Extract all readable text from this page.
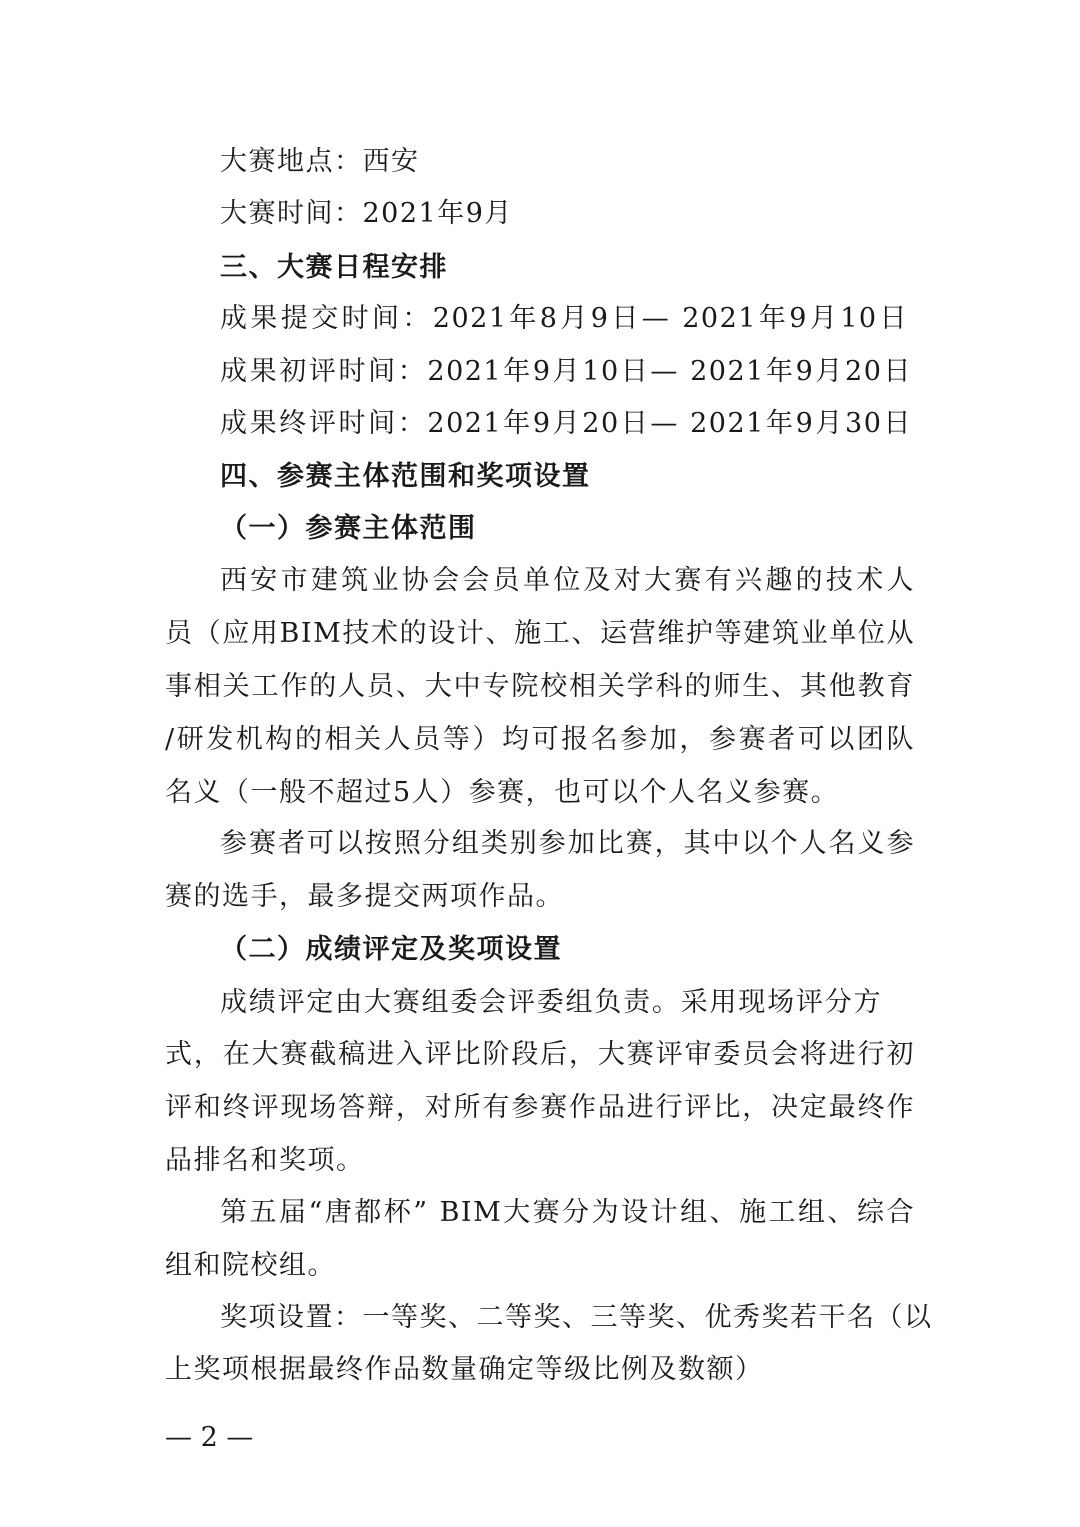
大赛地点：西安
大赛时间：2021年9月
三、大赛日程安排
成果提交时间：2021年8月9日— 2021年9月10日
成果初评时间：2021年9月10日— 2021年9月20日
成果终评时间：2021年9月20日— 2021年9月30日
四、参赛主体范围和奖项设置
（一）参赛主体范围
西安市建筑业协会会员单位及对大赛有兴趣的技术人
员（应用BIM技术的设计、施工、运营维护等建筑业单位从
事相关工作的人员、大中专院校相关学科的师生、其他教育
/研发机构的相关人员等）均可报名参加，参赛者可以团队
名义（一般不超过5人）参赛，也可以个人名义参赛。
参赛者可以按照分组类别参加比赛，其中以个人名义参
赛的选手，最多提交两项作品。
（二）成绩评定及奖项设置
成绩评定由大赛组委会评委组负责。采用现场评分方
式，在大赛截稿进入评比阶段后，大赛评审委员会将进行初
评和终评现场答辩，对所有参赛作品进行评比，决定最终作
品排名和奖项。
第五届“唐都杯” BIM大赛分为设计组、施工组、综合
组和院校组。
奖项设置：一等奖、二等奖、三等奖、优秀奖若干名（以
上奖项根据最终作品数量确定等级比例及数额）
— 2 —
